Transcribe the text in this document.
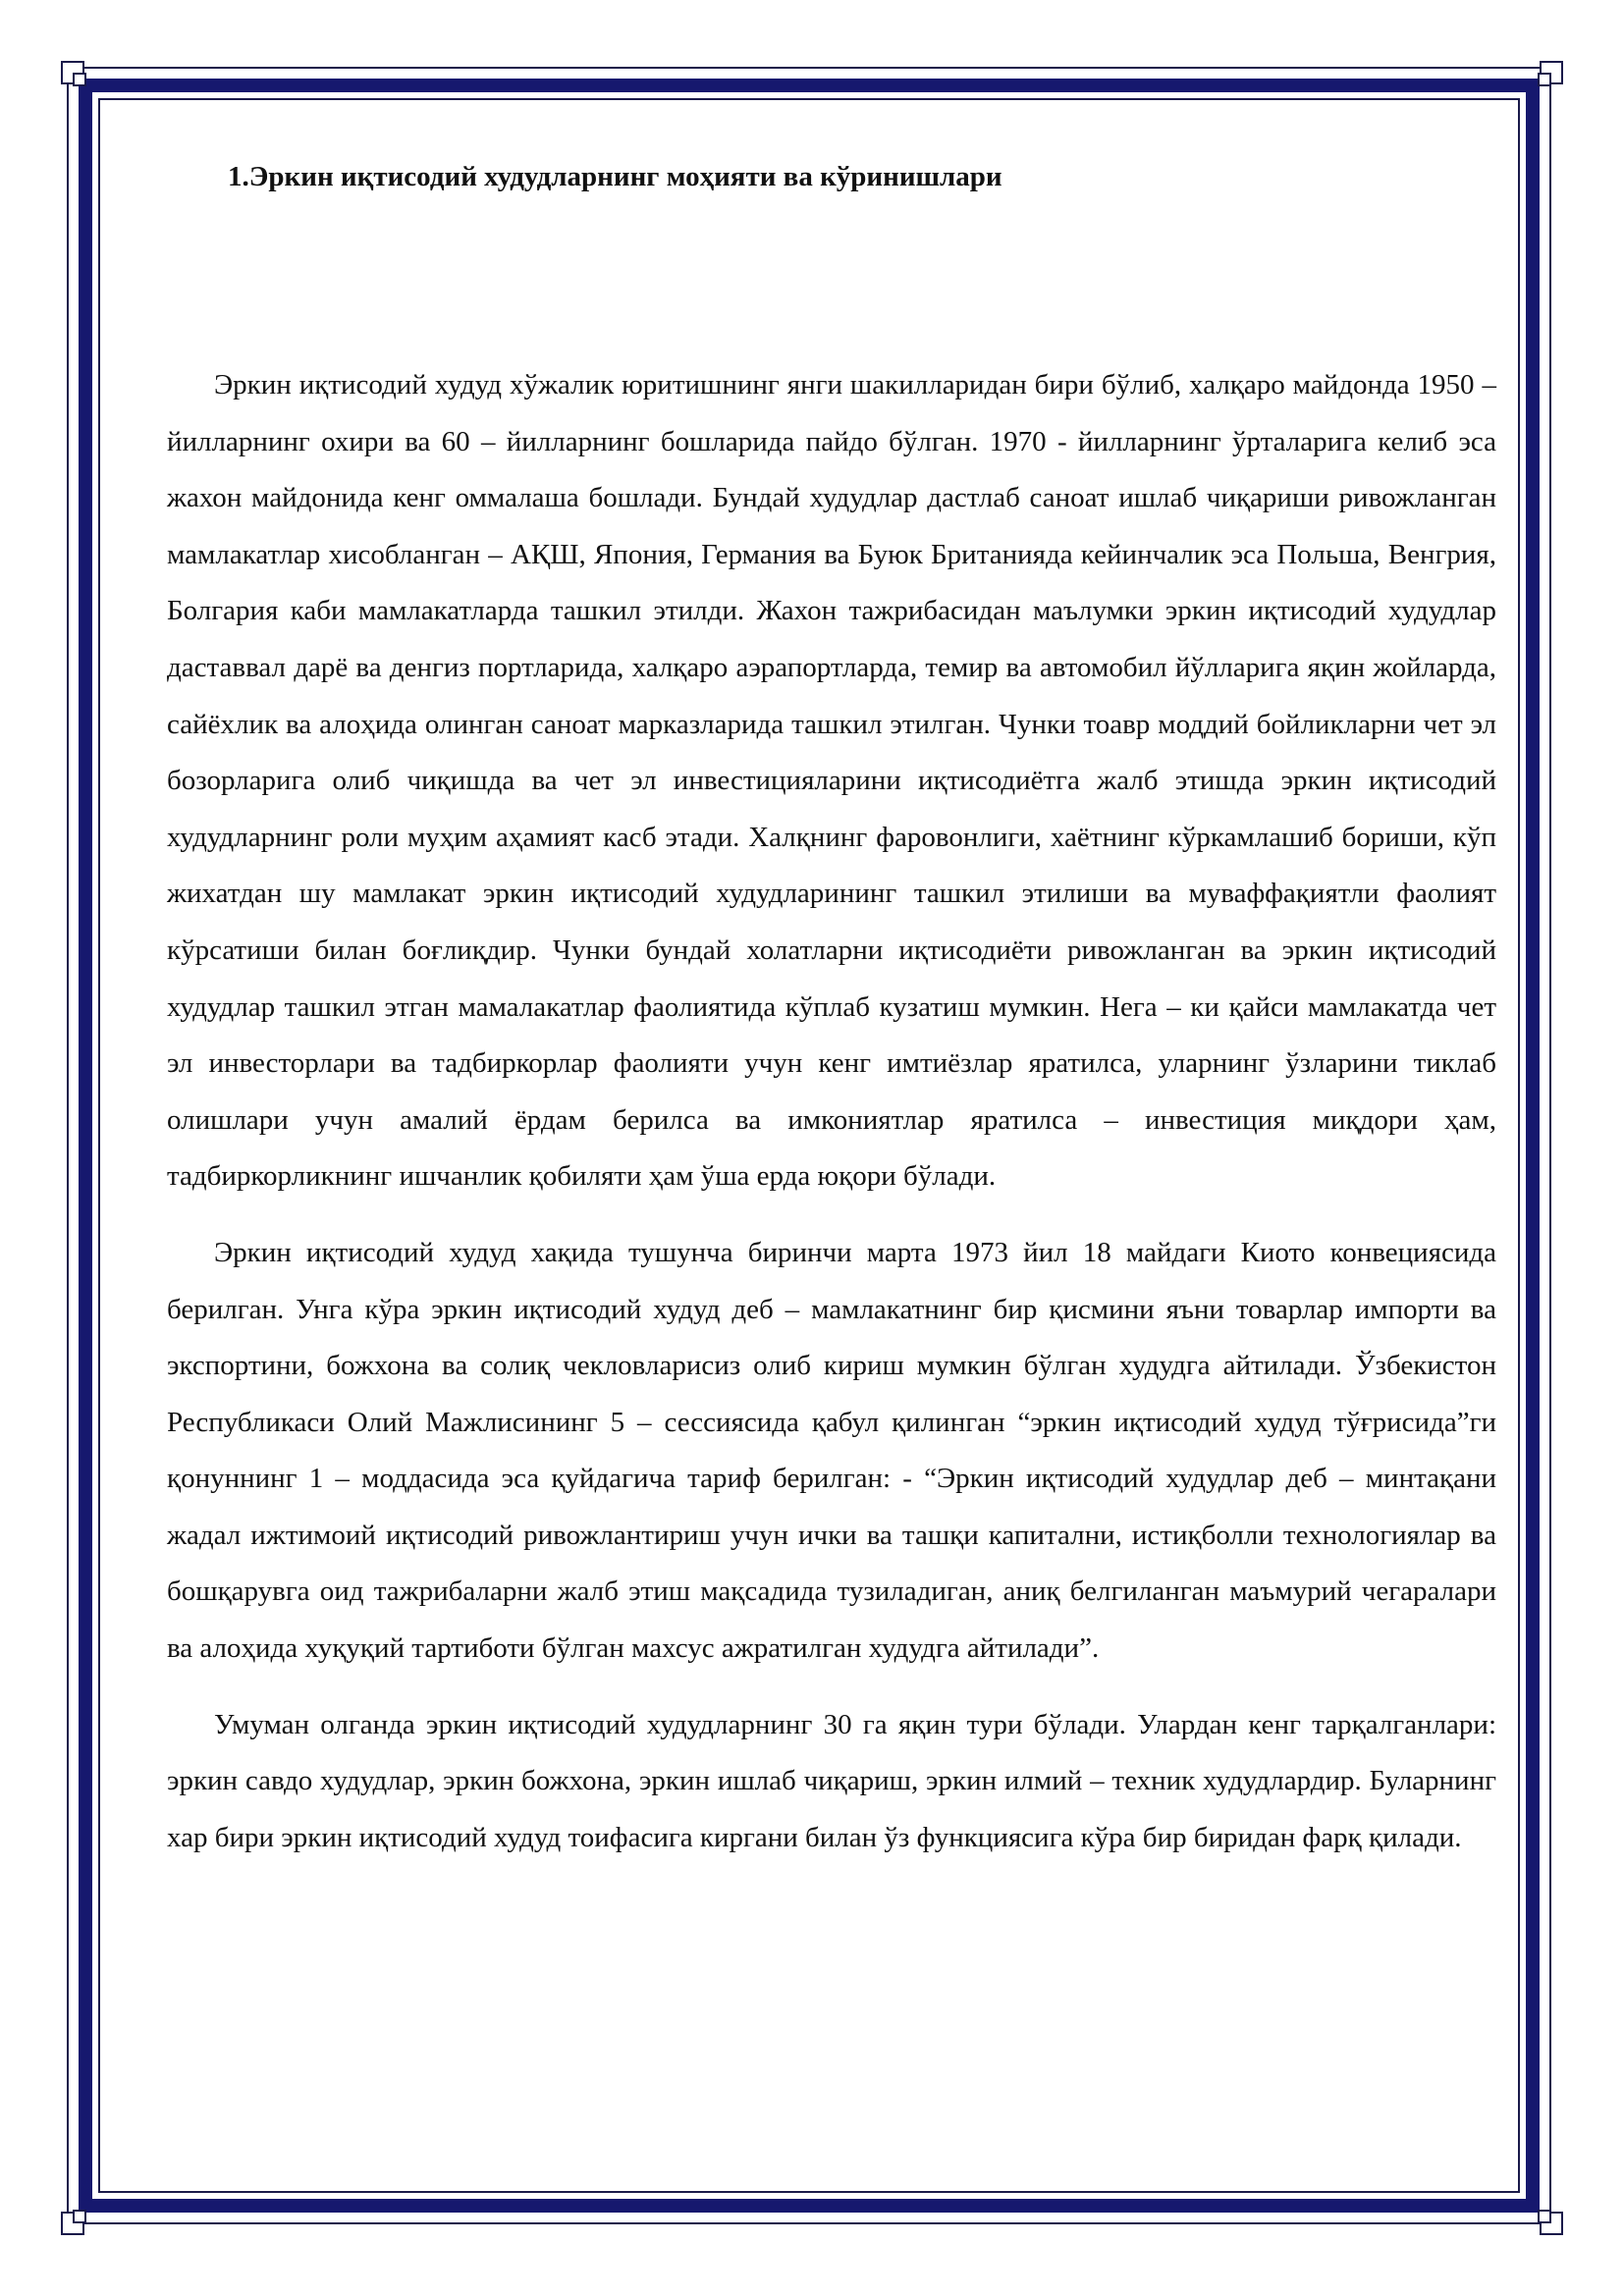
1.Эркин иқтисодий худудларнинг моҳияти ва кўринишлари

Эркин иқтисодий худуд хўжалик юритишнинг янги шакилларидан бири бўлиб, халқаро майдонда 1950 – йилларнинг охири ва 60 – йилларнинг бошларида пайдо бўлган. 1970 - йилларнинг ўрталарига келиб эса жахон майдонида кенг оммалаша бошлади. Бундай худудлар дастлаб саноат ишлаб чиқариши ривожланган мамлакатлар хисобланган – АҚШ, Япония, Германия ва Буюк Британияда кейинчалик эса Польша, Венгрия, Болгария каби мамлакатларда ташкил этилди. Жахон тажрибасидан маълумки эркин иқтисодий худудлар даставвал дарё ва денгиз портларида, халқаро аэрапортларда, темир ва автомобил йўлларига яқин жойларда, сайёхлик ва алоҳида олинган саноат марказларида ташкил этилган. Чунки тоавр моддий бойликларни чет эл бозорларига олиб чиқишда ва чет эл инвестицияларини иқтисодиётга жалб этишда эркин иқтисодий худудларнинг роли муҳим аҳамият касб этади. Халқнинг фаровонлиги, хаётнинг кўркамлашиб бориши, кўп жихатдан шу мамлакат эркин иқтисодий худудларининг ташкил этилиши ва муваффақиятли фаолият кўрсатиши билан боғлиқдир. Чунки бундай холатларни иқтисодиёти ривожланган ва эркин иқтисодий худудлар ташкил этган мамалакатлар фаолиятида кўплаб кузатиш мумкин. Нега – ки қайси мамлакатда чет эл инвесторлари ва тадбиркорлар фаолияти учун кенг имтиёзлар яратилса, уларнинг ўзларини тиклаб олишлари учун амалий ёрдам берилса ва имкониятлар яратилса – инвестиция миқдори ҳам, тадбиркорликнинг ишчанлик қобиляти ҳам ўша ерда юқори бўлади.

Эркин иқтисодий худуд хақида тушунча биринчи марта 1973 йил 18 майдаги Киото конвециясида берилган. Унга кўра эркин иқтисодий худуд деб – мамлакатнинг бир қисмини яъни товарлар импорти ва экспортини, божхона ва солиқ чекловларисиз олиб кириш мумкин бўлган худудга айтилади. Ўзбекистон Республикаси Олий Мажлисининг 5 – сессиясида қабул қилинган “эркин иқтисодий худуд тўғрисида”ги қонуннинг 1 – моддасида эса қуйдагича тариф берилган: - “Эркин иқтисодий худудлар деб – минтақани жадал ижтимоий иқтисодий ривожлантириш учун ички ва ташқи капитални, истиқболли технологиялар ва бошқарувга оид тажрибаларни жалб этиш мақсадида тузиладиган, аниқ белгиланган маъмурий чегаралари ва алоҳида хуқуқий тартиботи бўлган махсус ажратилган худудга айтилади”.

Умуман олганда эркин иқтисодий худудларнинг 30 га яқин тури бўлади. Улардан кенг тарқалганлари: эркин савдо худудлар, эркин божхона, эркин ишлаб чиқариш, эркин илмий – техник худудлардир. Буларнинг хар бири эркин иқтисодий худуд тоифасига киргани билан ўз функциясига кўра бир биридан фарқ қилади.
